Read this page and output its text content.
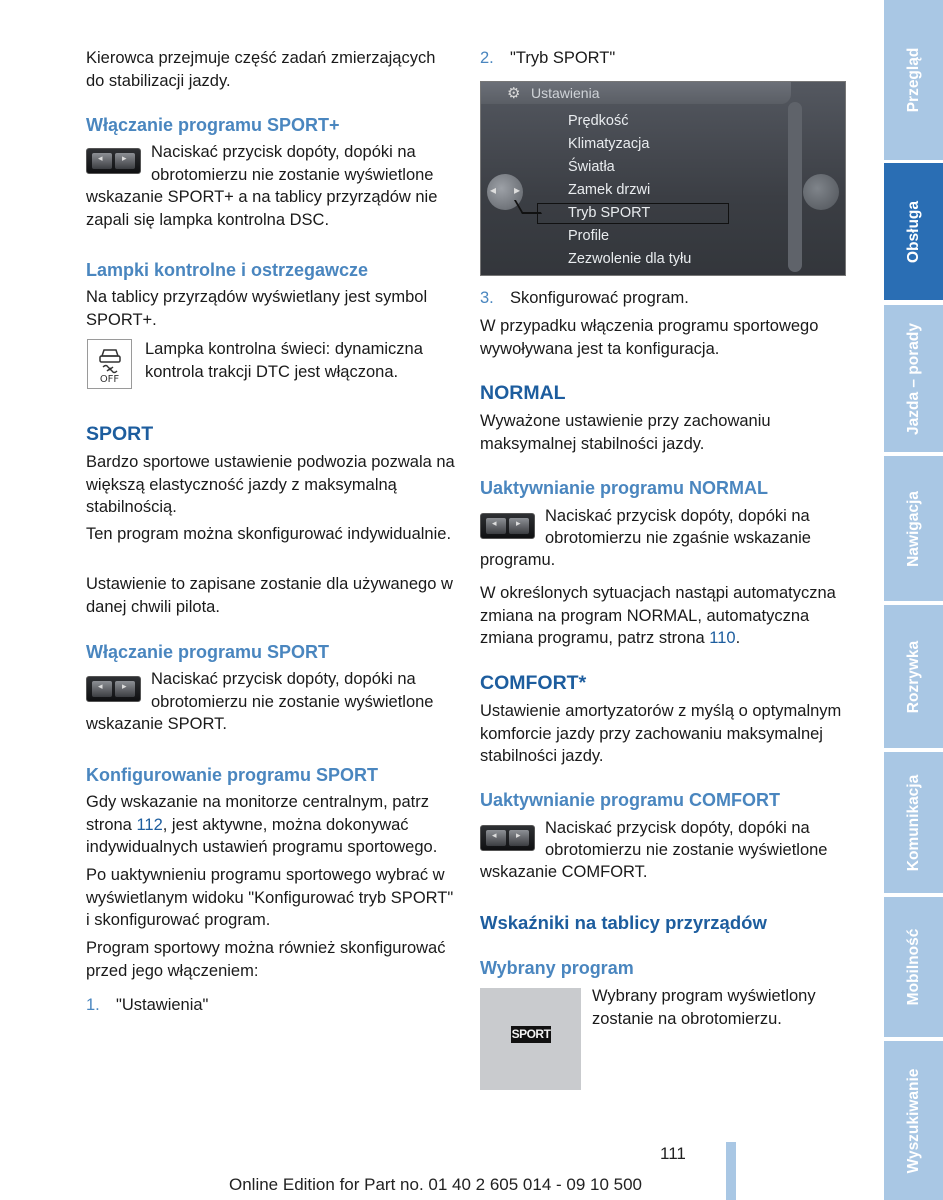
Kierowca przejmuje część zadań zmierzających do stabilizacji jazdy.
Włączanie programu SPORT+
◂
▸
Naciskać przycisk dopóty, dopóki na
obrotomierzu nie zostanie wyświetlone
wskazanie SPORT+ a na tablicy przyrządów nie zapali się lampka kontrolna DSC.
Lampki kontrolne i ostrzegawcze
Na tablicy przyrządów wyświetlany jest symbol SPORT+.
OFF
Lampka kontrolna świeci: dynamiczna kontrola trakcji DTC jest włączona.
SPORT
Bardzo sportowe ustawienie podwozia pozwala na większą elastyczność jazdy z maksymalną stabilnością.
Ten program można skonfigurować indywidualnie.
Ustawienie to zapisane zostanie dla używanego w danej chwili pilota.
Włączanie programu SPORT
◂
▸
Naciskać przycisk dopóty, dopóki na
obrotomierzu nie zostanie wyświetlone
wskazanie SPORT.
Konfigurowanie programu SPORT
Gdy wskazanie na monitorze centralnym, patrz strona 112, jest aktywne, można dokonywać indywidualnych ustawień programu sportowego.
Po uaktywnieniu programu sportowego wybrać w wyświetlanym widoku "Konfigurować tryb SPORT" i skonfigurować program.
Program sportowy można również skonfigurować przed jego włączeniem:
1. "Ustawienia"
2. "Tryb SPORT"
⚙ Ustawienia
◂ ▸
Prędkość
Klimatyzacja
Światła
Zamek drzwi
Tryb SPORT
Profile
Zezwolenie dla tyłu
3. Skonfigurować program.
W przypadku włączenia programu sportowego wywoływana jest ta konfiguracja.
NORMAL
Wyważone ustawienie przy zachowaniu maksymalnej stabilności jazdy.
Uaktywnianie programu NORMAL
◂
▸
Naciskać przycisk dopóty, dopóki na
obrotomierzu nie zgaśnie wskazanie
programu.
W określonych sytuacjach nastąpi automatyczna zmiana na program NORMAL, automatyczna zmiana programu, patrz strona 110.
COMFORT*
Ustawienie amortyzatorów z myślą o optymalnym komforcie jazdy przy zachowaniu maksymalnej stabilności jazdy.
Uaktywnianie programu COMFORT
◂
▸
Naciskać przycisk dopóty, dopóki na
obrotomierzu nie zostanie wyświetlone
wskazanie COMFORT.
Wskaźniki na tablicy przyrządów
Wybrany program
SPORT
Wybrany program wyświetlony zostanie na obrotomierzu.
Przegląd
Obsługa
Jazda – porady
Nawigacja
Rozrywka
Komunikacja
Mobilność
Wyszukiwanie
111
Online Edition for Part no. 01 40 2 605 014 - 09 10 500
